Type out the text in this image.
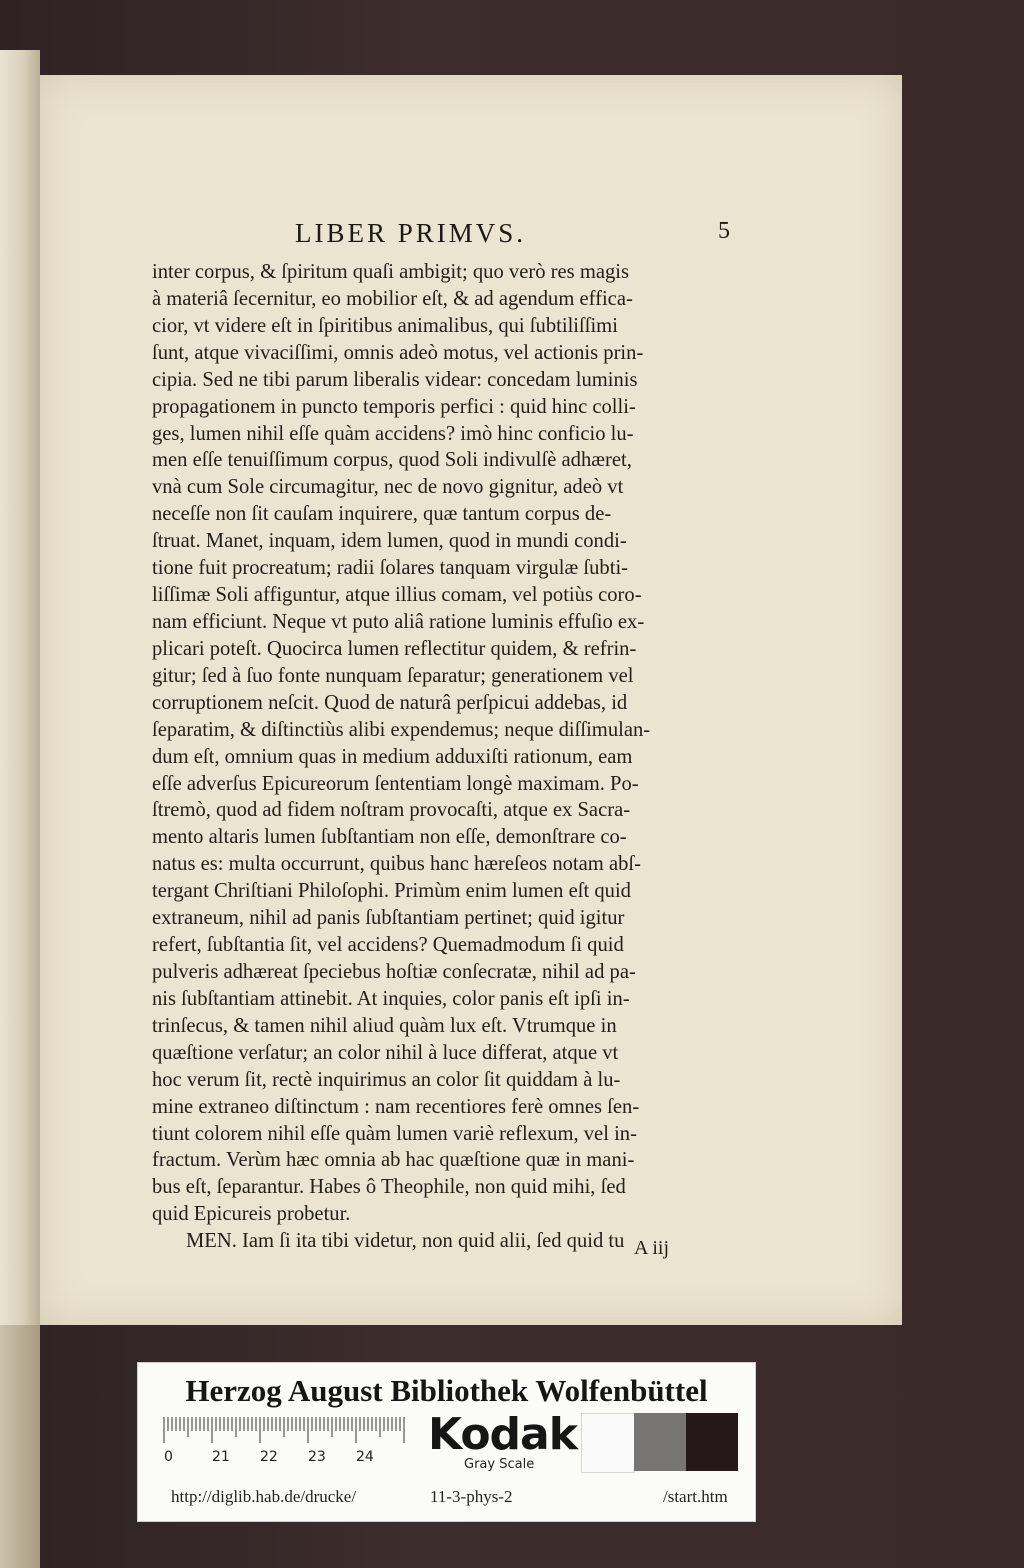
LIBER PRIMVS.	5
inter corpus, & ſpiritum quaſi ambigit; quo verò res magis
à materiâ ſecernitur, eo mobilior eſt, & ad agendum effica-
cior, vt videre eſt in ſpiritibus animalibus, qui ſubtiliſſimi
ſunt, atque vivaciſſimi, omnis adeò motus, vel actionis prin-
cipia. Sed ne tibi parum liberalis videar: concedam luminis
propagationem in puncto temporis perfici : quid hinc colli-
ges, lumen nihil eſſe quàm accidens? imò hinc conficio lu-
men eſſe tenuiſſimum corpus, quod Soli indivulſè adhæret,
vnà cum Sole circumagitur, nec de novo gignitur, adeò vt
neceſſe non ſit cauſam inquirere, quæ tantum corpus de-
ſtruat. Manet, inquam, idem lumen, quod in mundi condi-
tione fuit procreatum; radii ſolares tanquam virgulæ ſubti-
liſſimæ Soli affiguntur, atque illius comam, vel potiùs coro-
nam efficiunt. Neque vt puto aliâ ratione luminis effuſio ex-
plicari poteſt. Quocirca lumen reflectitur quidem, & refrin-
gitur; ſed à ſuo fonte nunquam ſeparatur; generationem vel
corruptionem neſcit. Quod de naturâ perſpicui addebas, id
ſeparatim, & diſtinctiùs alibi expendemus; neque diſſimulan-
dum eſt, omnium quas in medium adduxiſti rationum, eam
eſſe adverſus Epicureorum ſententiam longè maximam. Po-
ſtremò, quod ad fidem noſtram provocaſti, atque ex Sacra-
mento altaris lumen ſubſtantiam non eſſe, demonſtrare co-
natus es: multa occurrunt, quibus hanc hæreſeos notam abſ-
tergant Chriſtiani Philoſophi. Primùm enim lumen eſt quid
extraneum, nihil ad panis ſubſtantiam pertinet; quid igitur
refert, ſubſtantia ſit, vel accidens? Quemadmodum ſi quid
pulveris adhæreat ſpeciebus hoſtiæ conſecratæ, nihil ad pa-
nis ſubſtantiam attinebit. At inquies, color panis eſt ipſi in-
trinſecus, & tamen nihil aliud quàm lux eſt. Vtrumque in
quæſtione verſatur; an color nihil à luce differat, atque vt
hoc verum ſit, rectè inquirimus an color ſit quiddam à lu-
mine extraneo diſtinctum : nam recentiores ferè omnes ſen-
tiunt colorem nihil eſſe quàm lumen variè reflexum, vel in-
fractum. Verùm hæc omnia ab hac quæſtione quæ in mani-
bus eſt, ſeparantur. Habes ô Theophile, non quid mihi, ſed
quid Epicureis probetur.
MEN. Iam ſi ita tibi videtur, non quid alii, ſed quid tu A iij
Herzog August Bibliothek Wolfenbüttel
0	21 22 23 24 Kodak
Gray Scale
http://diglib.hab.de/drucke/	11-3-phys-2	/start.htm
